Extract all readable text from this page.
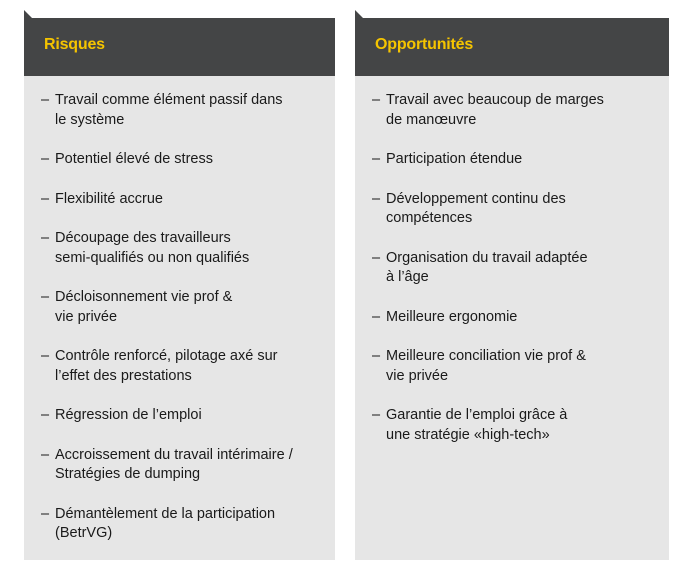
Risques
– Travail comme élément passif dans
le système
– Potentiel élevé de stress
– Flexibilité accrue
– Découpage des travailleurs
semi-qualifiés ou non qualifiés
– Décloisonnement vie prof &
vie privée
– Contrôle renforcé, pilotage axé sur
l’effet des prestations
– Régression de l’emploi
– Accroissement du travail intérimaire /
Stratégies de dumping
– Démantèlement de la participation
(BetrVG)
Opportunités
– Travail avec beaucoup de marges
de manœuvre
– Participation étendue
– Développement continu des
compétences
– Organisation du travail adaptée
à l’âge
– Meilleure ergonomie
– Meilleure conciliation vie prof &
vie privée
– Garantie de l’emploi grâce à
une stratégie «high-tech»
